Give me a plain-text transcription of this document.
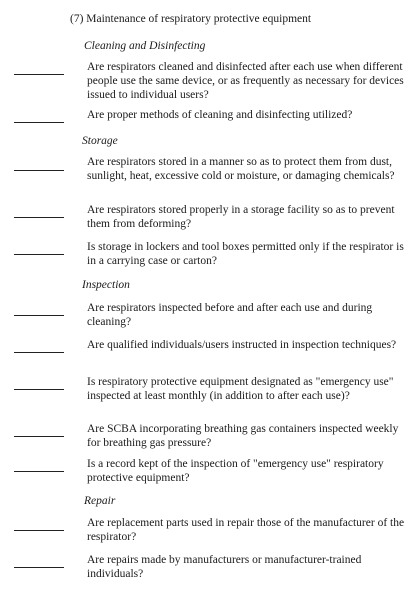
(7) Maintenance of respiratory protective equipment

Cleaning and Disinfecting

Are respirators cleaned and disinfected after each use when different people use the same device, or as frequently as necessary for devices issued to individual users?

Are proper methods of cleaning and disinfecting utilized?

Storage

Are respirators stored in a manner so as to protect them from dust, sunlight, heat, excessive cold or moisture, or damaging chemicals?

Are respirators stored properly in a storage facility so as to prevent them from deforming?

Is storage in lockers and tool boxes permitted only if the respirator is in a carrying case or carton?

Inspection

Are respirators inspected before and after each use and during cleaning?

Are qualified individuals/users instructed in inspection techniques?

Is respiratory protective equipment designated as "emergency use" inspected at least monthly (in addition to after each use)?

Are SCBA incorporating breathing gas containers inspected weekly for breathing gas pressure?

Is a record kept of the inspection of "emergency use" respiratory protective equipment?

Repair

Are replacement parts used in repair those of the manufacturer of the respirator?

Are repairs made by manufacturers or manufacturer-trained individuals?
